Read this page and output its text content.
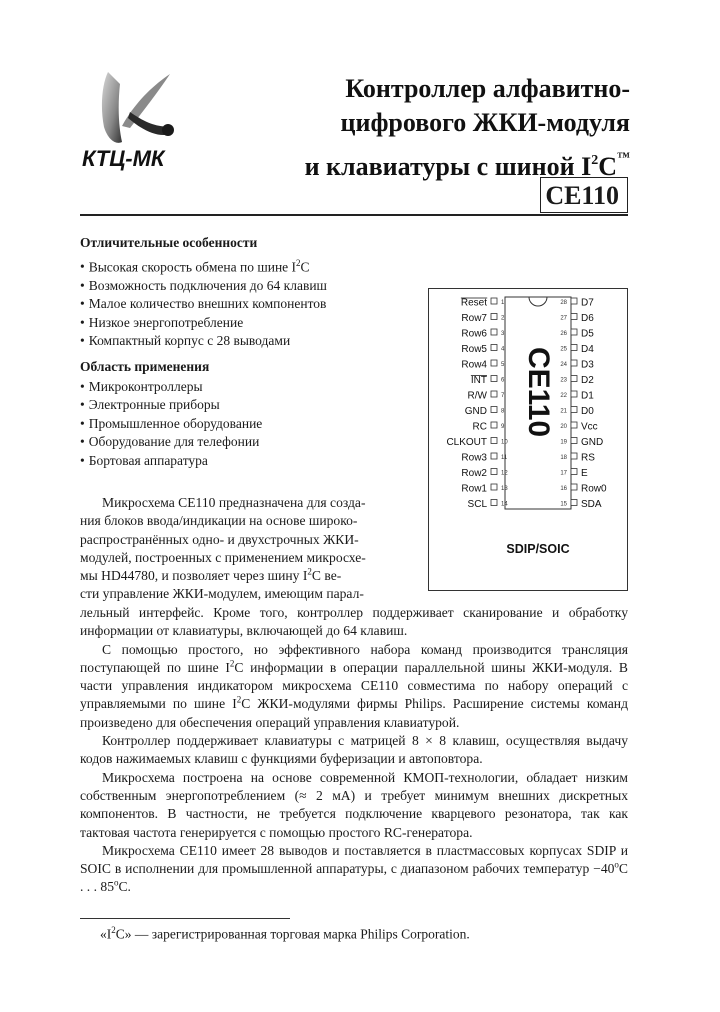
КТЦ-МК
Контроллер алфавитно-
цифрового ЖКИ-модуля
и клавиатуры с шиной $I^2C™$
CE110
Отличительные особенности
• Высокая скорость обмена по шине $I^2C$
• Возможность подключения до 64 клавиш
• Малое количество внешних компонентов
• Низкое энергопотребление
• Компактный корпус с 28 выводами
Область применения
• Микроконтроллеры
• Электронные приборы
• Промышленное оборудование
• Оборудование для телефонии
• Бортовая аппаратура
CE110
SDIP/SOIC
Reset 1
Row7 2
Row6 3
Row5 4
Row4 5
INT 6
R/W 7
GND 8
RC 9
CLKOUT 10
Row3 11
Row2 12
Row1 13
SCL 14
28 D7
27 D6
26 D5
25 D4
24 D3
23 D2
22 D1
21 D0
20 Vcc
19 GND
18 RS
17 E
16 Row0
15 SDA
Микросхема CE110 предназначена для созда-
ния блоков ввода/индикации на основе широко-
распространённых одно- и двухстрочных ЖКИ-
модулей, построенных с применением микросхе-
мы HD44780, и позволяет через шину $I^2C$ ве-
сти управление ЖКИ-модулем, имеющим парал-

лельный интерфейс. Кроме того, контроллер поддерживает сканирование и обработку информации от клавиатуры, включающей до 64 клавиш.

С помощью простого, но эффективного набора команд производится трансляция поступающей по шине $I^2C$ информации в операции параллельной шины ЖКИ-модуля. В части управления индикатором микросхема CE110 совместима по набору операций с управляемыми по шине $I^2C$ ЖКИ-модулями фирмы Philips. Расширение системы команд произведено для обеспечения операций управления клавиатурой.

Контроллер поддерживает клавиатуры с матрицей 8 × 8 клавиш, осуществляя выдачу кодов нажимаемых клавиш с функциями буферизации и автоповтора.

Микросхема построена на основе современной КМОП-технологии, обладает низким собственным энергопотреблением (≈ 2 мА) и требует минимум внешних дискретных компонентов. В частности, не требуется подключение кварцевого резонатора, так как тактовая частота генерируется с помощью простого RC-генератора.

Микросхема CE110 имеет 28 выводов и поставляется в пластмассовых корпусах SDIP и SOIC в исполнении для промышленной аппаратуры, с диапазоном рабочих температур $-40^oC$ . . . 85$^o$C.

«$I^2C$» — зарегистрированная торговая марка Philips Corporation.
